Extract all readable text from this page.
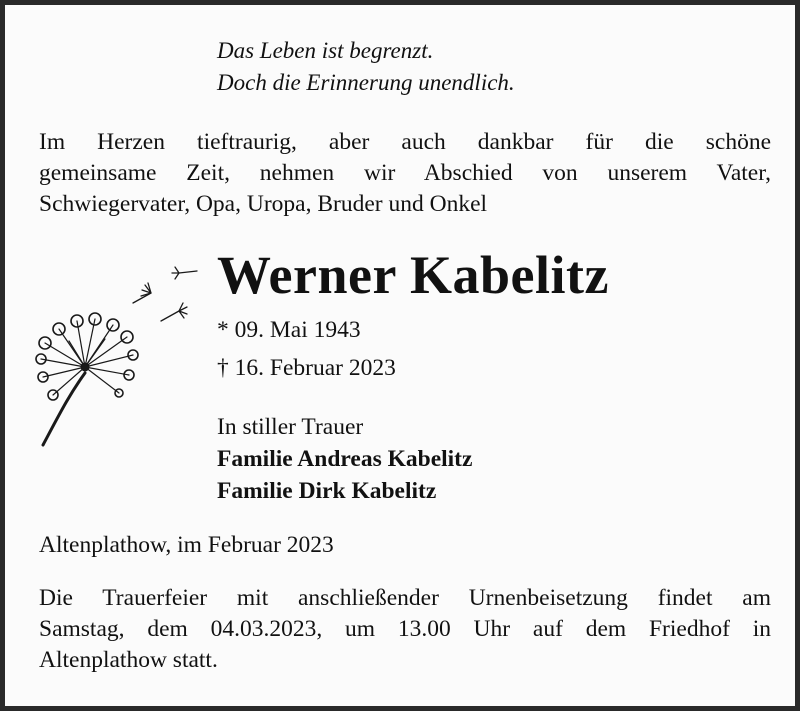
Das Leben ist begrenzt.
Doch die Erinnerung unendlich.
Im Herzen tieftraurig, aber auch dankbar für die schöne
gemeinsame Zeit, nehmen wir Abschied von unserem Vater,
Schwiegervater, Opa, Uropa, Bruder und Onkel
Werner Kabelitz
* 09. Mai 1943
† 16. Februar 2023
In stiller Trauer
Familie Andreas Kabelitz
Familie Dirk Kabelitz
Altenplathow, im Februar 2023
Die Trauerfeier mit anschließender Urnenbeisetzung findet am
Samstag, dem 04.03.2023, um 13.00 Uhr auf dem Friedhof in
Altenplathow statt.
